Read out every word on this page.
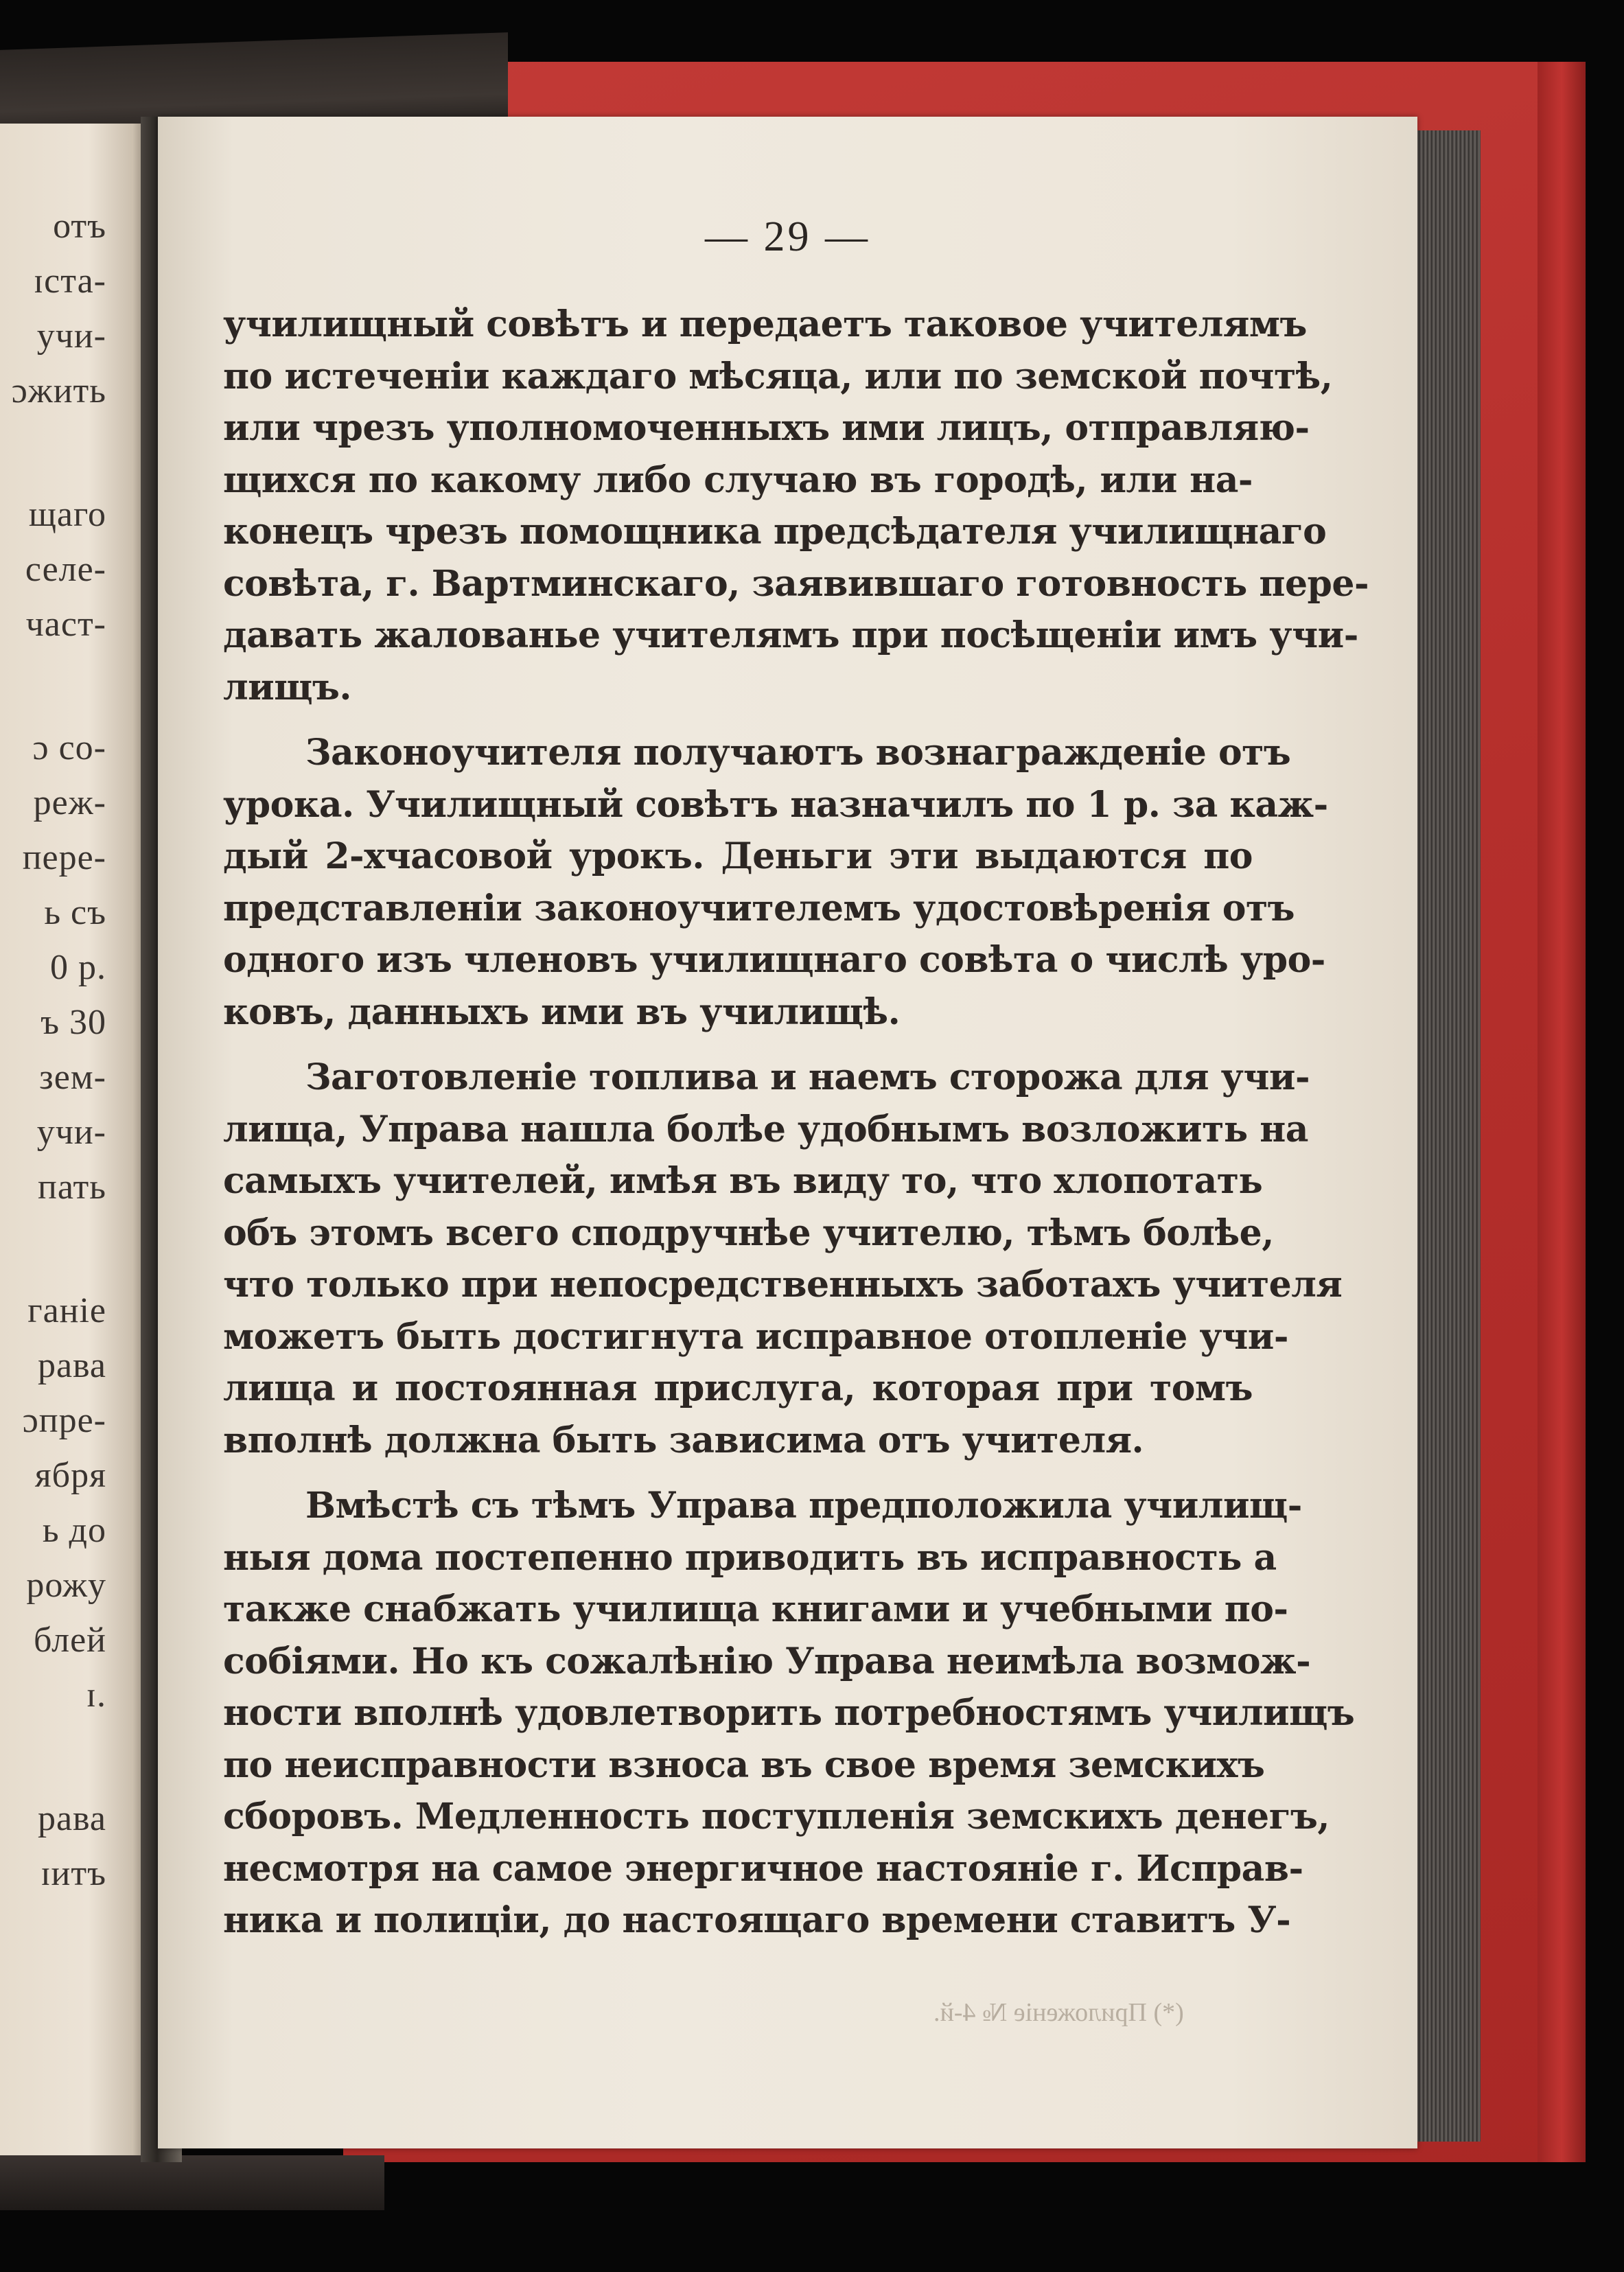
отъ
ɪста-
учи-
ɔжить
щаго
селе-
част-
ɔ со-
реж-
пере-
ь съ
0 р.
ъ 30
зем-
учи-
пать
ганіе
рава
ɔпре-
ября
ь до
рожу
блей
ɪ.
рава
ɪитъ
— 29 —
(*) Приложеніе № 4-й.
училищный совѣтъ и передаетъ таковое учителямъ
по истеченіи каждаго мѣсяца, или по земской почтѣ,
или чрезъ уполномоченныхъ ими лицъ, отправляю-
щихся по какому либо случаю въ городѣ, или на-
конецъ чрезъ помощника предсѣдателя училищнаго
совѣта, г. Вартминскаго, заявившаго готовность пере-
давать жалованье учителямъ при посѣщеніи имъ учи-
лищъ.
Законоучителя получаютъ вознагражденіе отъ
урока. Училищный совѣтъ назначилъ по 1 р. за каж-
дый 2-хчасовой урокъ. Деньги эти выдаются по
представленіи законоучителемъ удостовѣренія отъ
одного изъ членовъ училищнаго совѣта о числѣ уро-
ковъ, данныхъ ими въ училищѣ.
Заготовленіе топлива и наемъ сторожа для учи-
лища, Управа нашла болѣе удобнымъ возложить на
самыхъ учителей, имѣя въ виду то, что хлопотать
объ этомъ всего сподручнѣе учителю, тѣмъ болѣе,
что только при непосредственныхъ заботахъ учителя
можетъ быть достигнута исправное отопленіе учи-
лища и постоянная прислуга, которая при томъ
вполнѣ должна быть зависима отъ учителя.
Вмѣстѣ съ тѣмъ Управа предположила училищ-
ныя дома постепенно приводить въ исправность а
также снабжать училища книгами и учебными по-
собіями. Но къ сожалѣнію Управа неимѣла возмож-
ности вполнѣ удовлетворить потребностямъ училищъ
по неисправности взноса въ свое время земскихъ
сборовъ. Медленность поступленія земскихъ денегъ,
несмотря на самое энергичное настояніе г. Исправ-
ника и полиціи, до настоящаго времени ставитъ У-
